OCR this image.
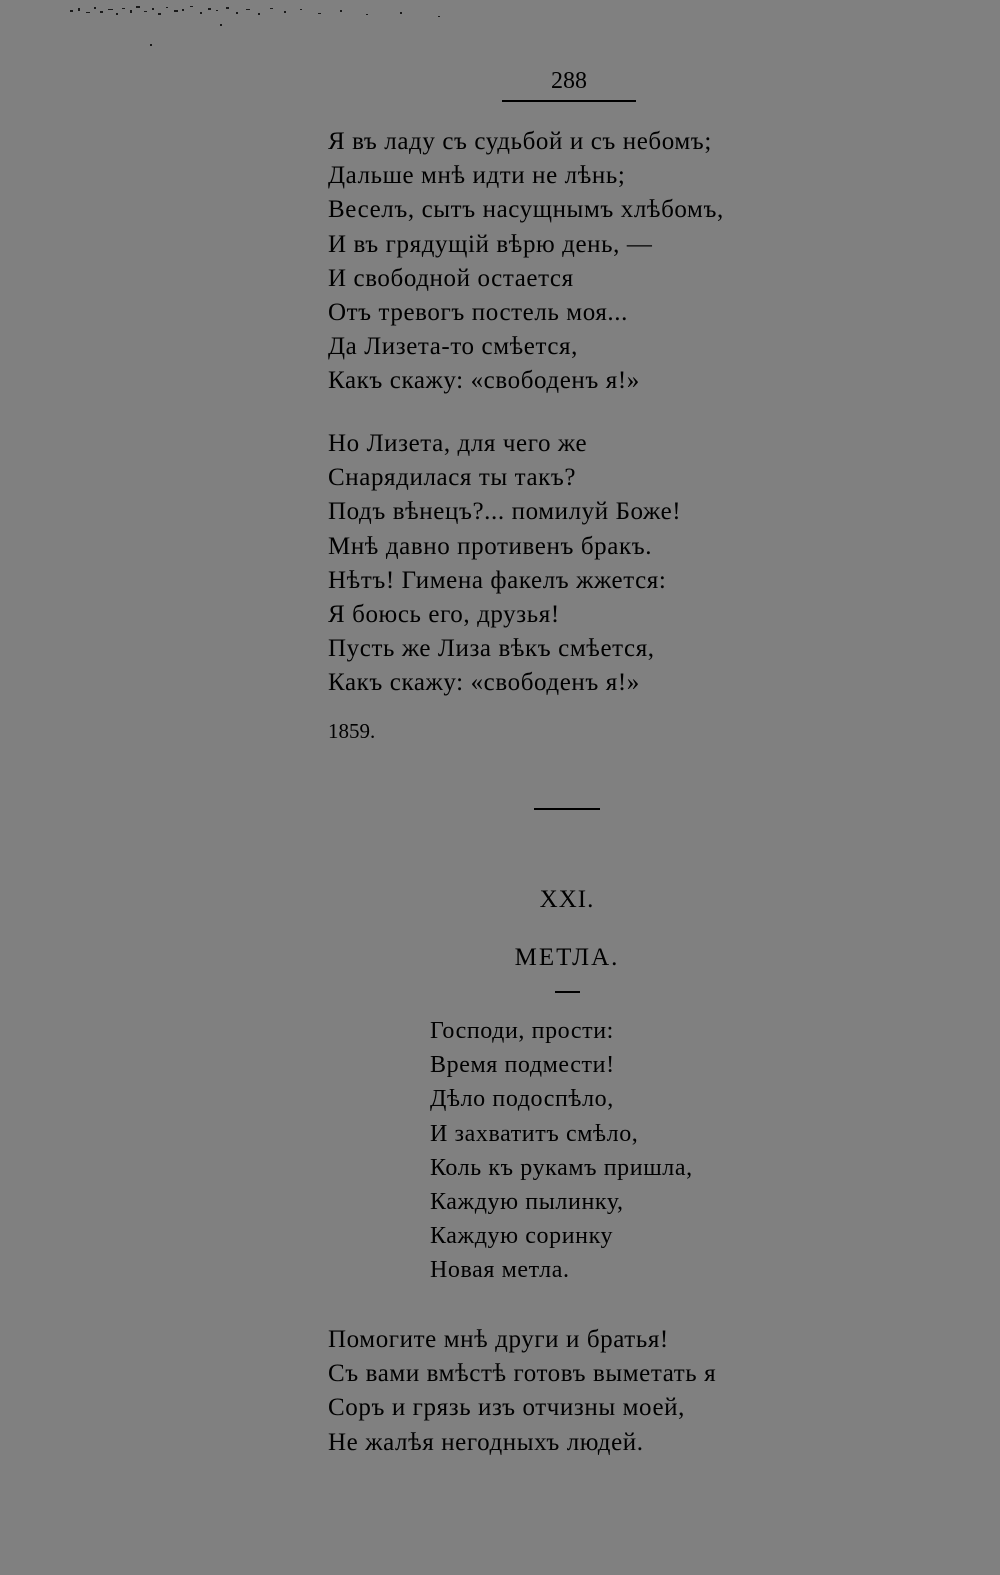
288
Я въ ладу съ судьбой и съ небомъ;
Дальше мнѣ идти не лѣнь;
Веселъ, сытъ насущнымъ хлѣбомъ,
И въ грядущій вѣрю день, —
И свободной остается
Отъ тревогъ постель моя...
Да Лизета-то смѣется,
Какъ скажу: «свободенъ я!»
Но Лизета, для чего же
Снарядилася ты такъ?
Подъ вѣнецъ?... помилуй Боже!
Мнѣ давно противенъ бракъ.
Нѣтъ! Гимена факелъ жжется:
Я боюсь его, друзья!
Пусть же Лиза вѣкъ смѣется,
Какъ скажу: «свободенъ я!»
1859.
XXI.
МЕТЛА.
Господи, прости:
Время подмести!
Дѣло подоспѣло,
И захватитъ смѣло,
Коль къ рукамъ пришла,
Каждую пылинку,
Каждую соринку
Новая метла.
Помогите мнѣ други и братья!
Съ вами вмѣстѣ готовъ выметать я
Соръ и грязь изъ отчизны моей,
Не жалѣя негодныхъ людей.
